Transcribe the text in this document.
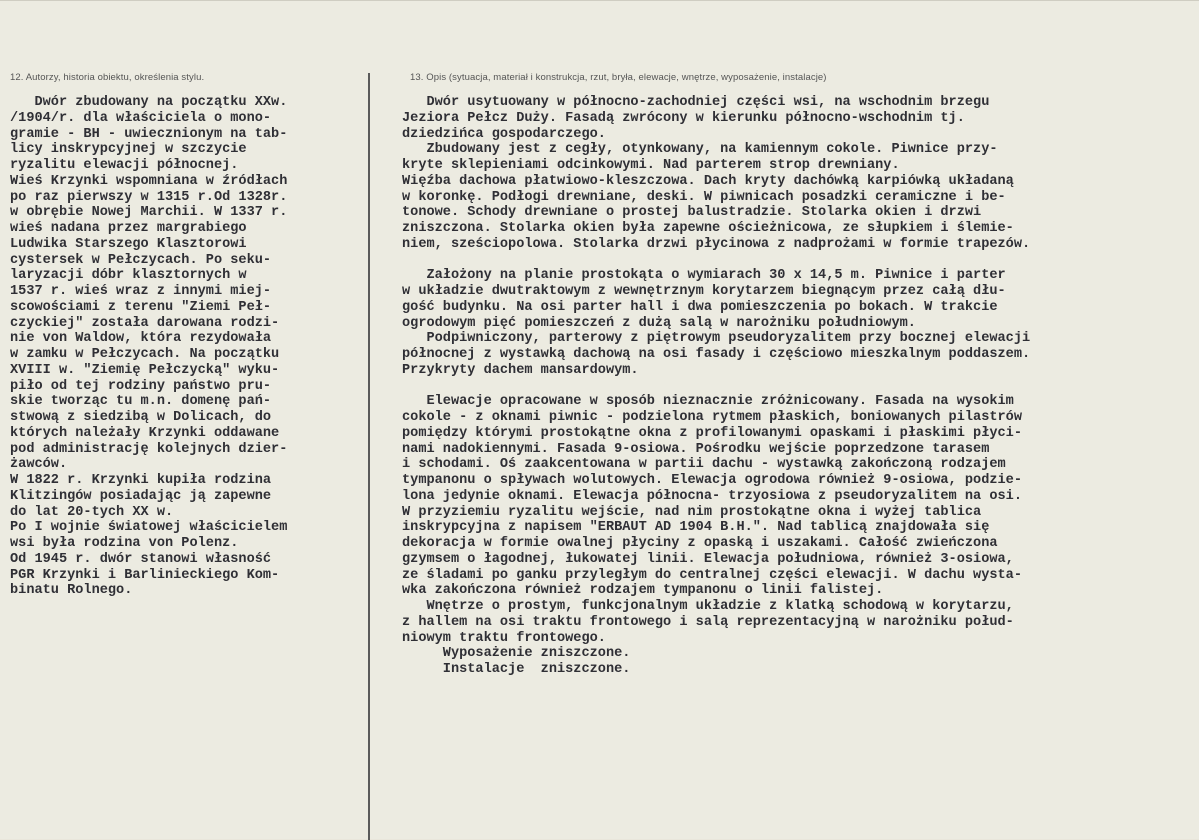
12. Autorzy, historia obiektu, określenia stylu.	13. Opis (sytuacja, materiał i konstrukcja, rzut, bryła, elewacje, wnętrze, wyposażenie, instalacje)
Dwór zbudowany na początku XXw.
/1904/r. dla właściciela o mono-
gramie - BH - uwiecznionym na tab-
licy inskrypcyjnej w szczycie
ryzalitu elewacji północnej.
Wieś Krzynki wspomniana w źródłach
po raz pierwszy w 1315 r.Od 1328r.
w obrębie Nowej Marchii. W 1337 r.
wieś nadana przez margrabiego
Ludwika Starszego Klasztorowi
cystersek w Pełczycach. Po seku-
laryzacji dóbr klasztornych w
1537 r. wieś wraz z innymi miej-
scowościami z terenu "Ziemi Peł-
czyckiej" została darowana rodzi-
nie von Waldow, która rezydowała
w zamku w Pełczycach. Na początku
XVIII w. "Ziemię Pełczycką" wyku-
piło od tej rodziny państwo pru-
skie tworząc tu m.n. domenę pań-
stwową z siedzibą w Dolicach, do
których należały Krzynki oddawane
pod administrację kolejnych dzier-
żawców.
W 1822 r. Krzynki kupiła rodzina
Klitzingów posiadając ją zapewne
do lat 20-tych XX w.
Po I wojnie światowej właścicielem
wsi była rodzina von Polenz.
Od 1945 r. dwór stanowi własność
PGR Krzynki i Barlinieckiego Kom-
binatu Rolnego.
Dwór usytuowany w północno-zachodniej części wsi, na wschodnim brzegu
Jeziora Pełcz Duży. Fasadą zwrócony w kierunku północno-wschodnim tj.
dziedzińca gospodarczego.
Zbudowany jest z cegły, otynkowany, na kamiennym cokole. Piwnice przy-
kryte sklepieniami odcinkowymi. Nad parterem strop drewniany.
Więźba dachowa płatwiowo-kleszczowa. Dach kryty dachówką karpiówką układaną
w koronkę. Podłogi drewniane, deski. W piwnicach posadzki ceramiczne i be-
tonowe. Schody drewniane o prostej balustradzie. Stolarka okien i drzwi
zniszczona. Stolarka okien była zapewne ościeżnicowa, ze słupkiem i ślemie-
niem, sześciopolowa. Stolarka drzwi płycinowa z nadprożami w formie trapezów.

Założony na planie prostokąta o wymiarach 30 x 14,5 m. Piwnice i parter
w układzie dwutraktowym z wewnętrznym korytarzem biegnącym przez całą dłu-
gość budynku. Na osi parter hall i dwa pomieszczenia po bokach. W trakcie
ogrodowym pięć pomieszczeń z dużą salą w narożniku południowym.
Podpiwniczony, parterowy z piętrowym pseudoryzalitem przy bocznej elewacji
północnej z wystawką dachową na osi fasady i częściowo mieszkalnym poddaszem.
Przykryty dachem mansardowym.

Elewacje opracowane w sposób nieznacznie zróżnicowany. Fasada na wysokim
cokole - z oknami piwnic - podzielona rytmem płaskich, boniowanych pilastrów
pomiędzy którymi prostokątne okna z profilowanymi opaskami i płaskimi płyci-
nami nadokiennymi. Fasada 9-osiowa. Pośrodku wejście poprzedzone tarasem
i schodami. Oś zaakcentowana w partii dachu - wystawką zakończoną rodzajem
tympanonu o spływach wolutowych. Elewacja ogrodowa również 9-osiowa, podzie-
lona jedynie oknami. Elewacja północna- trzyosiowa z pseudoryzalitem na osi.
W przyziemiu ryzalitu wejście, nad nim prostokątne okna i wyżej tablica
inskrypcyjna z napisem "ERBAUT AD 1904 B.H.". Nad tablicą znajdowała się
dekoracja w formie owalnej płyciny z opaską i uszakami. Całość zwieńczona
gzymsem o łagodnej, łukowatej linii. Elewacja południowa, również 3-osiowa,
ze śladami po ganku przyległym do centralnej części elewacji. W dachu wysta-
wka zakończona również rodzajem tympanonu o linii falistej.
Wnętrze o prostym, funkcjonalnym układzie z klatką schodową w korytarzu,
z hallem na osi traktu frontowego i salą reprezentacyjną w narożniku połud-
niowym traktu frontowego.
Wyposażenie zniszczone.
Instalacje  zniszczone.
